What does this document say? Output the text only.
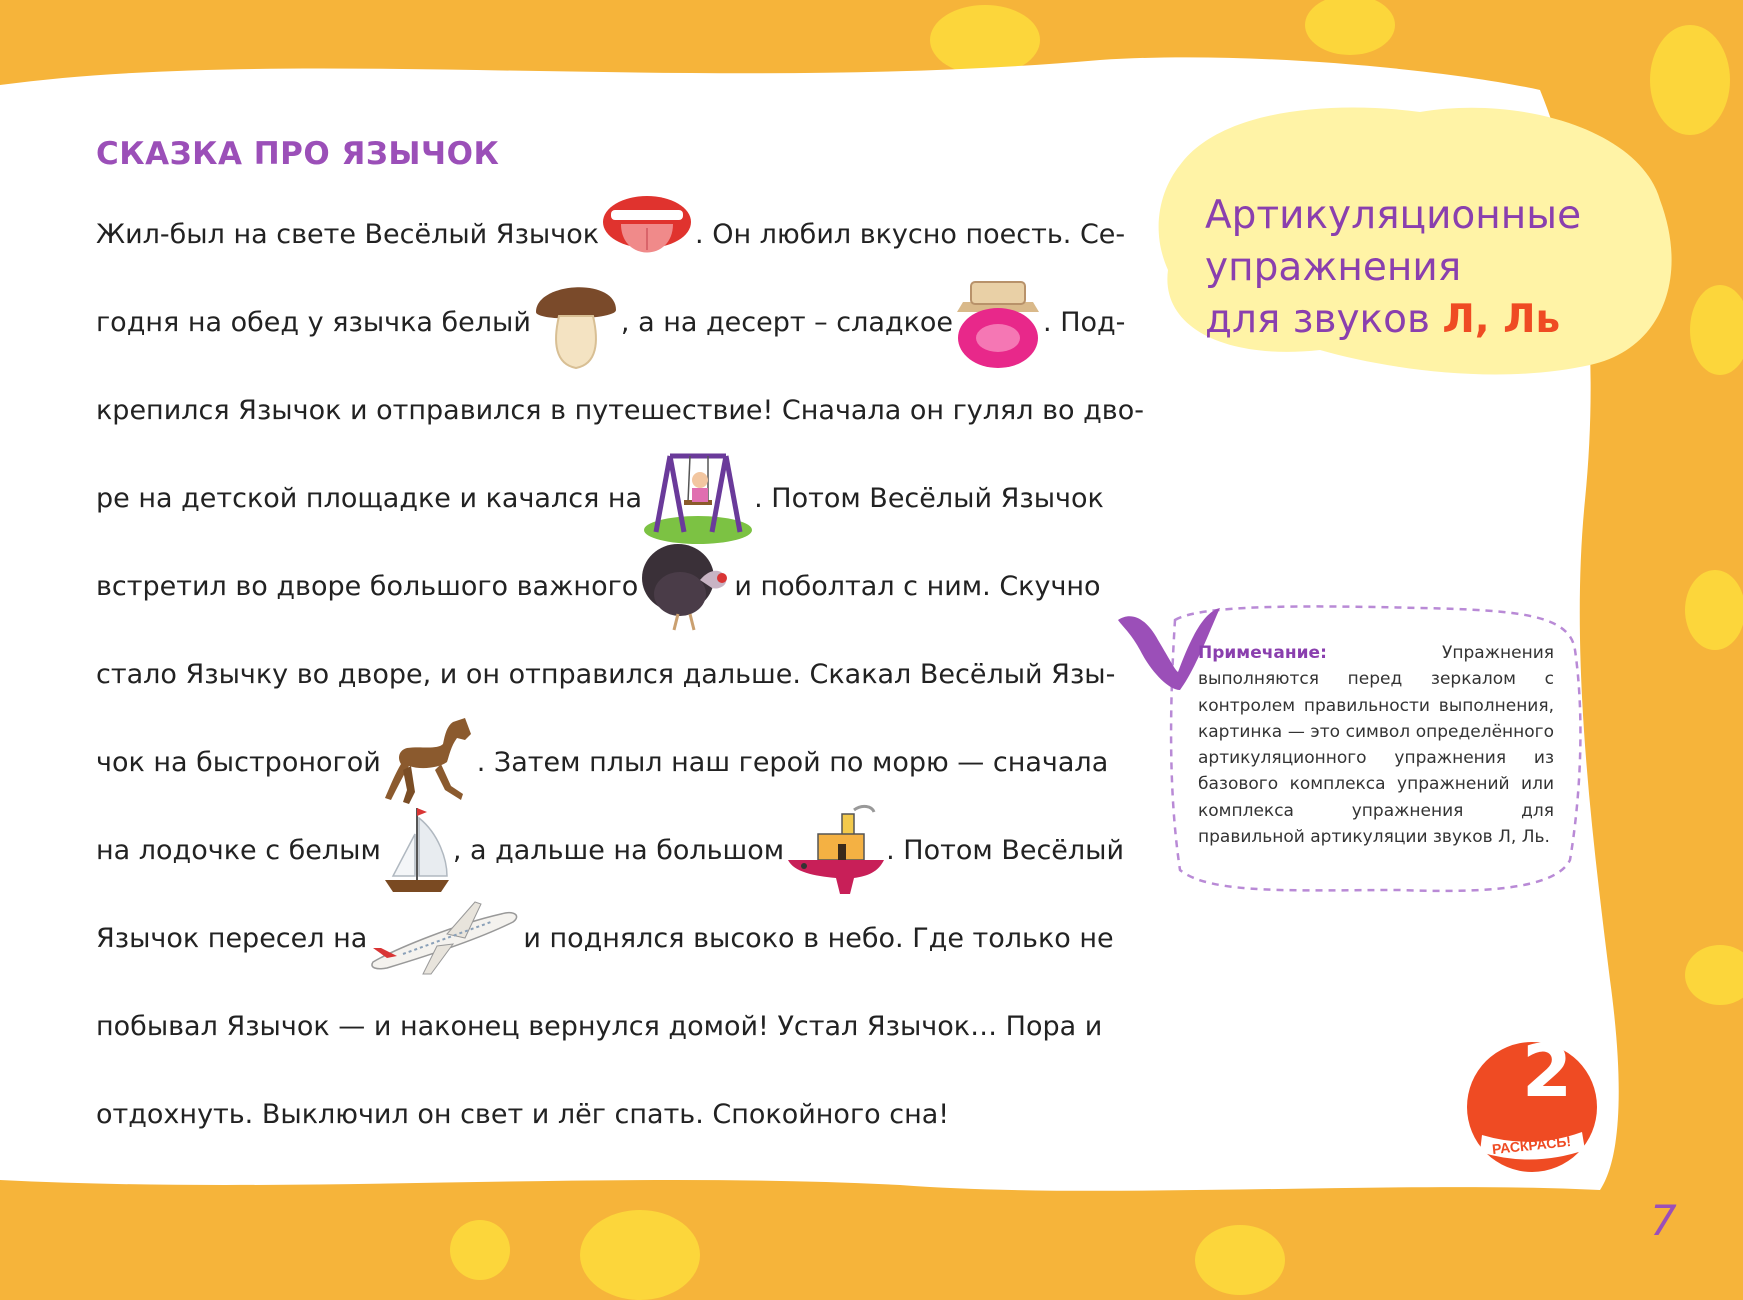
СКАЗКА ПРО ЯЗЫЧОК
Жил-был на свете Весёлый Язычок	. Он любил вкусно поесть. Се-
годня на обед у язычка белый	, а на десерт – сладкое	. Под-
крепился Язычок и отправился в путешествие! Сначала он гулял во дво-
ре на детской площадке и качался на	. Потом Весёлый Язычок
встретил во дворе большого важного	и поболтал с ним. Скучно
стало Язычку во дворе, и он отправился дальше. Скакал Весёлый Язы-
чок на быстроногой	. Затем плыл наш герой по морю — сначала
на лодочке с белым	, а дальше на большом	. Потом Весёлый
Язычок пересел на	и поднялся высоко в небо. Где только не
побывал Язычок — и наконец вернулся домой! Устал Язычок… Пора и
отдохнуть. Выключил он свет и лёг спать. Спокойного сна!
Артикуляционные
упражнения
для звуков Л, Ль
Примечание:	Упражнения выполняются перед зеркалом с контролем правильности выполнения, картинка — это символ определённого артикуляционного упражнения из базового комплекса упражнений или комплекса упражнения для правильной артикуляции звуков Л, Ль.
2
РАСКРАСЬ!
7
